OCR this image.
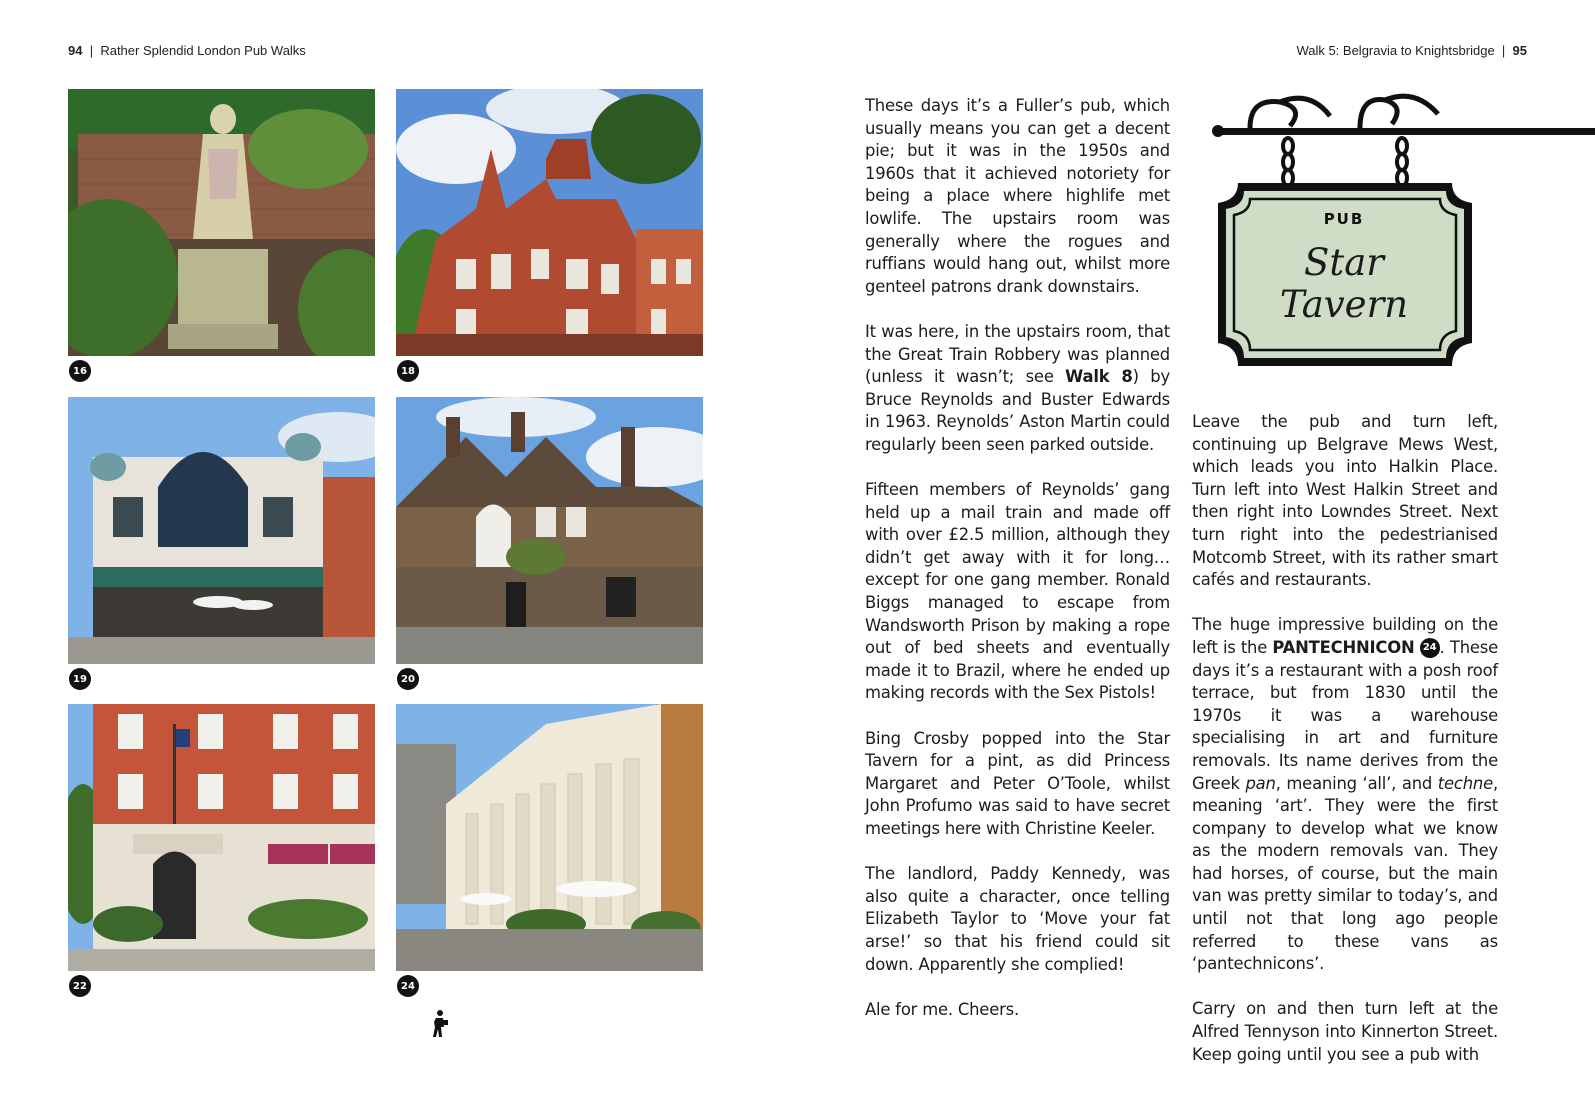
94 | Rather Splendid London Pub Walks	Walk 5: Belgravia to Knightsbridge | 95
16	18
19	20
22	24
PUB
Star
Tavern

These days it’s a Fuller’s pub, which usually means you can get a decent pie; but it was in the 1950s and 1960s that it achieved notoriety for being a place where highlife met lowlife. The upstairs room was generally where the rogues and ruffians would hang out, whilst more genteel patrons drank downstairs.

It was here, in the upstairs room, that the Great Train Robbery was planned (unless it wasn’t; see Walk 8) by Bruce Reynolds and Buster Edwards in 1963. Reynolds’ Aston Martin could regularly been seen parked outside.

Fifteen members of Reynolds’ gang held up a mail train and made off with over £2.5 million, although they didn’t get away with it for long…except for one gang member. Ronald Biggs managed to escape from Wandsworth Prison by making a rope out of bed sheets and eventually made it to Brazil, where he ended up making records with the Sex Pistols!

Bing Crosby popped into the Star Tavern for a pint, as did Princess Margaret and Peter O’Toole, whilst John Profumo was said to have secret meetings here with Christine Keeler.

The landlord, Paddy Kennedy, was also quite a character, once telling Elizabeth Taylor to ‘Move your fat arse!’ so that his friend could sit down. Apparently she complied!

Ale for me. Cheers.

Leave the pub and turn left, continuing up Belgrave Mews West, which leads you into Halkin Place. Turn left into West Halkin Street and then right into Lowndes Street. Next turn right into the pedestrianised Motcomb Street, with its rather smart cafés and restaurants.

The huge impressive building on the left is the PANTECHNICON 24 . These days it’s a restaurant with a posh roof terrace, but from 1830 until the 1970s it was a warehouse specialising in art and furniture removals. Its name derives from the Greek pan, meaning ‘all’, and techne, meaning ‘art’. They were the first company to develop what we know as the modern removals van. They had horses, of course, but the main van was pretty similar to today’s, and until not that long ago people referred to these vans as ‘pantechnicons’.

Carry on and then turn left at the Alfred Tennyson into Kinnerton Street. Keep going until you see a pub with
